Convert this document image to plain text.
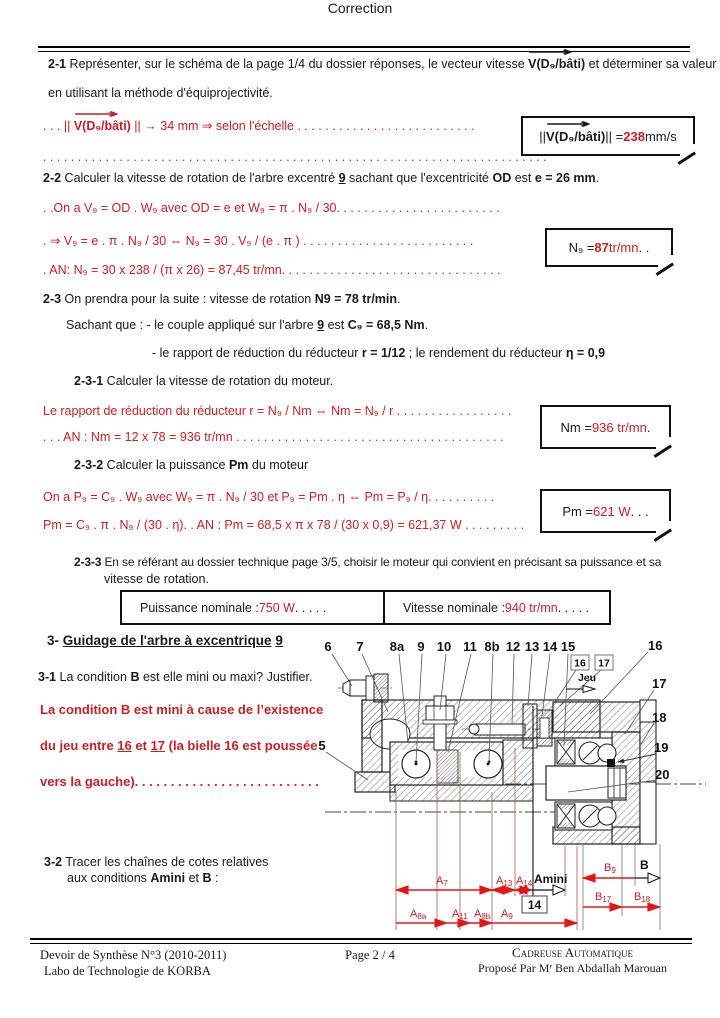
Correction
2-1 Représenter, sur le schéma de la page 1/4 du dossier réponses, le vecteur vitesse
⟶
V(D₉/bâti) et déterminer sa valeur
en utilisant la méthode d'équiprojectivité.
. . . ||
⟶
V(D₉/bâti) || → 34 mm ⇒ selon l'échelle . . . . . . . . . . . . . . . . . . . . . . . . . .
||
⟶
V(D₉/bâti) || = 238 mm/s
. . . . . . . . . . . . . . . . . . . . . . . . . . . . . . . . . . . . . . . . . . . . . . . . . . . . . . . . . . . . . . . . . . . . . . . . .
2-2 Calculer la vitesse de rotation de l'arbre excentré 9 sachant que l'excentricité OD est e = 26 mm.
. .On a V₉ = OD . W₉ avec OD = e et W₉ = π . N₉ / 30. . . . . . . . . . . . . . . . . . . . . . . .
. ⇒ V₉ = e . π . N₉ / 30 ⇔ N₉ = 30 . V₉ / (e . π ) . . . . . . . . . . . . . . . . . . . . . . . . .	N₉ = 87 tr/mn . .
. AN: N₉ = 30 x 238 / (π x 26) = 87,45 tr/mn. . . . . . . . . . . . . . . . . . . . . . . . . . . . . . . .
2-3 On prendra pour la suite : vitesse de rotation N9 = 78 tr/min.
Sachant que : - le couple appliqué sur l'arbre 9 est C₉ = 68,5 Nm.
- le rapport de réduction du réducteur r = 1/12 ; le rendement du réducteur η = 0,9
2-3-1 Calculer la vitesse de rotation du moteur.
Le rapport de réduction du réducteur r = N₉ / Nm ⇔ Nm = N₉ / r . . . . . . . . . . . . . . . . .
. . . AN : Nm = 12 x 78 = 936 tr/mn . . . . . . . . . . . . . . . . . . . . . . . . . . . . . . . . . . . . . . .
Nm = 936 tr/mn .
2-3-2 Calculer la puissance Pm du moteur
On a P₉ = C₉ . W₉ avec W₉ = π . N₉ / 30 et P₉ = Pm . η ⇔ Pm = P₉ / η. . . . . . . . . .
Pm = 621 W . . .
Pm = C₉ . π . N₉ / (30 . η). . AN : Pm = 68,5 x π x 78 / (30 x 0,9) = 621,37 W . . . . . . . . .
2-3-3 En se référant au dossier technique page 3/5, choisir le moteur qui convient en précisant sa puissance et sa
vitesse de rotation.
Puissance nominale : 750 W . . . . .	Vitesse nominale : 940 tr/mn . . . . .
3- Guidage de l'arbre à excentrique 9
3-1 La condition B est elle mini ou maxi? Justifier.
La condition B est mini à cause de l’existence
du jeu entre 16 et 17 (la bielle 16 est poussée
vers la gauche). . . . . . . . . . . . . . . . . . . . . . . . . .
3-2 Tracer les chaînes de cotes relatives
aux conditions Amini et B :
6 7 8a 9 10 11 8b 12 13 14 15
5
16
17
18
19
20
16 17
Jeu
A7	A13 A14 Amini
B9 B
B17 B18
A8a A11 A8b A9
14
Devoir de Synthèse N°3 (2010-2011)
Labo de Technologie de KORBA
Page 2 / 4	Cadreuse Automatique
Proposé Par Mʳ Ben Abdallah Marouan
